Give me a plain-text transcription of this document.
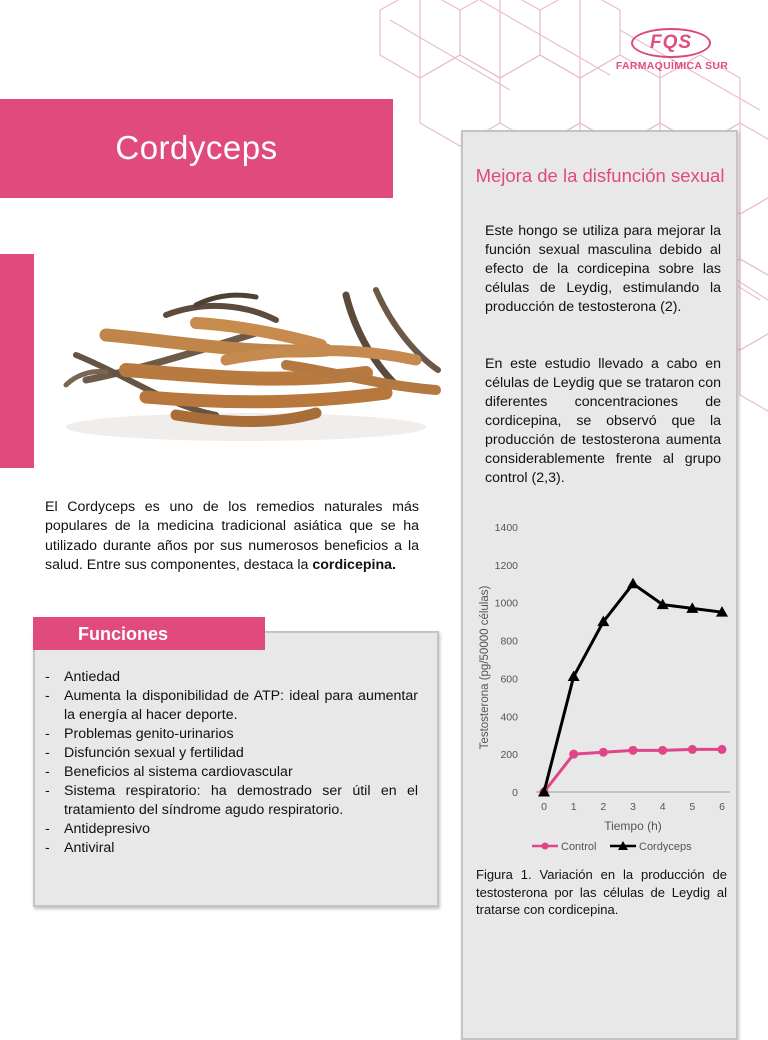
FQS
FARMAQUÍMICA SUR
Cordyceps

El Cordyceps es uno de los remedios naturales más populares de la medicina tradicional asiática que se ha utilizado durante años por sus numerosos beneficios a la salud. Entre sus componentes, destaca la cordicepina.

Funciones
- Antiedad
- Aumenta la disponibilidad de ATP: ideal para aumentar la energía al hacer deporte.
- Problemas genito-urinarios
- Disfunción sexual y fertilidad
- Beneficios al sistema cardiovascular
- Sistema respiratorio: ha demostrado ser útil en el tratamiento del síndrome agudo respiratorio.
- Antidepresivo
- Antiviral
Mejora de la disfunción sexual

Este hongo se utiliza para mejorar la función sexual masculina debido al efecto de la cordicepina sobre las células de Leydig, estimulando la producción de testosterona (2).

En este estudio llevado a cabo en células de Leydig que se trataron con diferentes concentraciones de cordicepina, se observó que la producción de testosterona aumenta considerablemente frente al grupo control (2,3).

0
200
400
600
800
1000
1200
1400
0 1 2 3 4 5 6
Tiempo (h)
Testosterona (pg/50000 células)
Control	Cordyceps

Figura 1. Variación en la producción de testosterona por las células de Leydig al tratarse con cordicepina.
